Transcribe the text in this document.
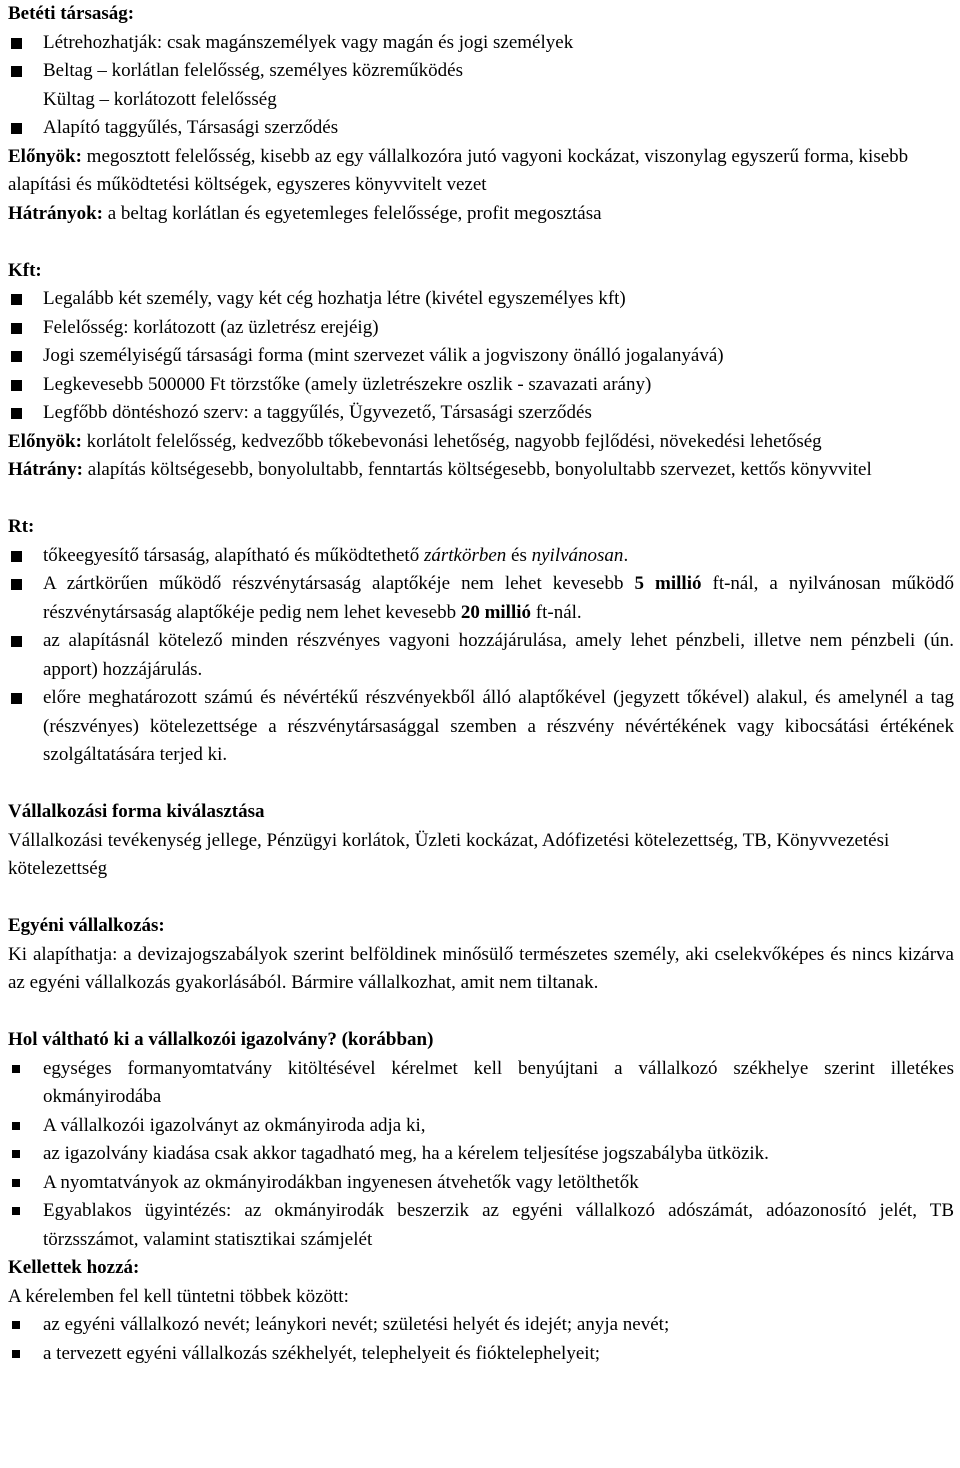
Betéti társaság:
Létrehozhatják: csak magánszemélyek vagy magán és jogi személyek
Beltag – korlátlan felelősség, személyes közreműködés
Kültag – korlátozott felelősség
Alapító taggyűlés, Társasági szerződés
Előnyök: megosztott felelősség, kisebb az egy vállalkozóra jutó vagyoni kockázat, viszonylag egyszerű forma, kisebb alapítási és működtetési költségek, egyszeres könyvvitelt vezet
Hátrányok: a beltag korlátlan és egyetemleges felelőssége, profit megosztása
Kft:
Legalább két személy, vagy két cég hozhatja létre (kivétel egyszemélyes kft)
Felelősség: korlátozott (az üzletrész erejéig)
Jogi személyiségű társasági forma (mint szervezet válik a jogviszony önálló jogalanyává)
Legkevesebb 500000 Ft törzstőke (amely üzletrészekre oszlik - szavazati arány)
Legfőbb döntéshozó szerv: a taggyűlés, Ügyvezető, Társasági szerződés
Előnyök: korlátolt felelősség, kedvezőbb tőkebevonási lehetőség, nagyobb fejlődési, növekedési lehetőség
Hátrány: alapítás költségesebb, bonyolultabb, fenntartás költségesebb, bonyolultabb szervezet, kettős könyvvitel
Rt:
tőkeegyesítő társaság, alapítható és működtethető zártkörben és nyilvánosan.
A zártkörűen működő részvénytársaság alaptőkéje nem lehet kevesebb 5 millió ft-nál, a nyilvánosan működő részvénytársaság alaptőkéje pedig nem lehet kevesebb 20 millió ft-nál.
az alapításnál kötelező minden részvényes vagyoni hozzájárulása, amely lehet pénzbeli, illetve nem pénzbeli (ún. apport) hozzájárulás.
előre meghatározott számú és névértékű részvényekből álló alaptőkével (jegyzett tőkével) alakul, és amelynél a tag (részvényes) kötelezettsége a részvénytársasággal szemben a részvény névértékének vagy kibocsátási értékének szolgáltatására terjed ki.
Vállalkozási forma kiválasztása
Vállalkozási tevékenység jellege, Pénzügyi korlátok, Üzleti kockázat, Adófizetési kötelezettség, TB, Könyvvezetési kötelezettség
Egyéni vállalkozás:
Ki alapíthatja: a devizajogszabályok szerint belföldinek minősülő természetes személy, aki cselekvőképes és nincs kizárva az egyéni vállalkozás gyakorlásából. Bármire vállalkozhat, amit nem tiltanak.
Hol váltható ki a vállalkozói igazolvány? (korábban)
egységes formanyomtatvány kitöltésével kérelmet kell benyújtani a vállalkozó székhelye szerint illetékes okmányirodába
A vállalkozói igazolványt az okmányiroda adja ki,
az igazolvány kiadása csak akkor tagadható meg, ha a kérelem teljesítése jogszabályba ütközik.
A nyomtatványok az okmányirodákban ingyenesen átvehetők vagy letölthetők
Egyablakos ügyintézés: az okmányirodák beszerzik az egyéni vállalkozó adószámát, adóazonosító jelét, TB törzsszámot, valamint statisztikai számjelét
Kellettek hozzá:
A kérelemben fel kell tüntetni többek között:
az egyéni vállalkozó nevét; leánykori nevét; születési helyét és idejét; anyja nevét;
a tervezett egyéni vállalkozás székhelyét, telephelyeit és fióktelephelyeit;
